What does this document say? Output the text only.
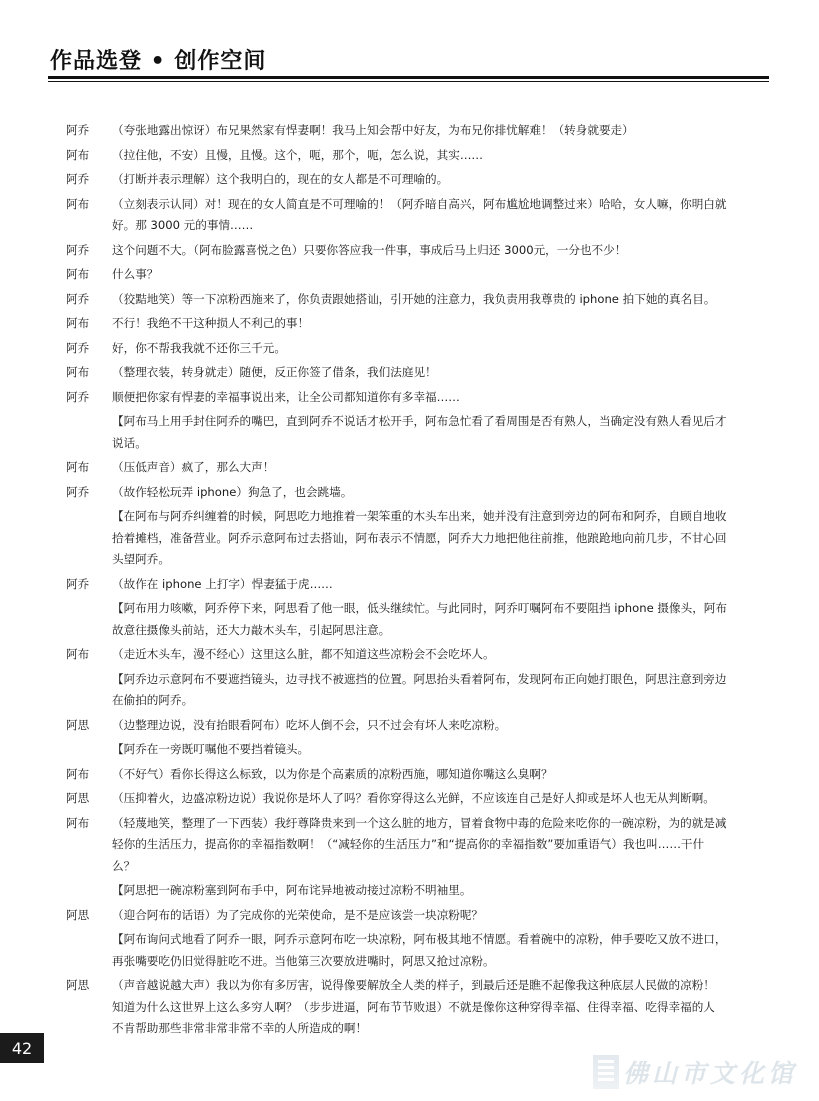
作品选登 • 创作空间
阿乔	（夸张地露出惊讶）布兄果然家有悍妻啊！我马上知会帮中好友，为布兄你排忧解难！（转身就要走）
阿布	（拉住他，不安）且慢，且慢。这个，呃，那个，呃，怎么说，其实……
阿乔	（打断并表示理解）这个我明白的，现在的女人都是不可理喻的。
阿布	（立刻表示认同）对！现在的女人简直是不可理喻的！（阿乔暗自高兴，阿布尴尬地调整过来）哈哈，女人嘛，你明白就
好。那 3000 元的事情……
阿乔	这个问题不大。（阿布脸露喜悦之色）只要你答应我一件事，事成后马上归还 3000元，一分也不少！
阿布	什么事？
阿乔	（狡黠地笑）等一下凉粉西施来了，你负责跟她搭讪，引开她的注意力，我负责用我尊贵的 iphone 拍下她的真名目。
阿布	不行！我绝不干这种损人不利己的事！
阿乔	好，你不帮我我就不还你三千元。
阿布	（整理衣装，转身就走）随便，反正你签了借条，我们法庭见！
阿乔	顺便把你家有悍妻的幸福事说出来，让全公司都知道你有多幸福……
【阿布马上用手封住阿乔的嘴巴，直到阿乔不说话才松开手，阿布急忙看了看周围是否有熟人，当确定没有熟人看见后才
说话。
阿布	（压低声音）疯了，那么大声！
阿乔	（故作轻松玩弄 iphone）狗急了，也会跳墙。
【在阿布与阿乔纠缠着的时候，阿思吃力地推着一架笨重的木头车出来，她并没有注意到旁边的阿布和阿乔，自顾自地收
拾着摊档，准备营业。阿乔示意阿布过去搭讪，阿布表示不情愿，阿乔大力地把他往前推，他踉跄地向前几步，不甘心回
头望阿乔。
阿乔	（故作在 iphone 上打字）悍妻猛于虎……
【阿布用力咳嗽，阿乔停下来，阿思看了他一眼，低头继续忙。与此同时，阿乔叮嘱阿布不要阻挡 iphone 摄像头，阿布
故意往摄像头前站，还大力敲木头车，引起阿思注意。
阿布	（走近木头车，漫不经心）这里这么脏，都不知道这些凉粉会不会吃坏人。
【阿乔边示意阿布不要遮挡镜头，边寻找不被遮挡的位置。阿思抬头看着阿布，发现阿布正向她打眼色，阿思注意到旁边
在偷拍的阿乔。
阿思	（边整理边说，没有抬眼看阿布）吃坏人倒不会，只不过会有坏人来吃凉粉。
【阿乔在一旁既叮嘱他不要挡着镜头。
阿布	（不好气）看你长得这么标致，以为你是个高素质的凉粉西施，哪知道你嘴这么臭啊？
阿思	（压抑着火，边盛凉粉边说）我说你是坏人了吗？看你穿得这么光鲜，不应该连自己是好人抑或是坏人也无从判断啊。
阿布	（轻蔑地笑，整理了一下西装）我纡尊降贵来到一个这么脏的地方，冒着食物中毒的危险来吃你的一碗凉粉，为的就是减
轻你的生活压力，提高你的幸福指数啊！（“减轻你的生活压力”和“提高你的幸福指数”要加重语气）我也叫……干什
么？
【阿思把一碗凉粉塞到阿布手中，阿布诧异地被动接过凉粉不明袖里。
阿思	（迎合阿布的话语）为了完成你的光荣使命，是不是应该尝一块凉粉呢？
【阿布询问式地看了阿乔一眼，阿乔示意阿布吃一块凉粉，阿布极其地不情愿。看着碗中的凉粉，伸手要吃又放不进口，
再张嘴要吃仍旧觉得脏吃不进。当他第三次要放进嘴时，阿思又抢过凉粉。
阿思	（声音越说越大声）我以为你有多厉害，说得像要解放全人类的样子，到最后还是瞧不起像我这种底层人民做的凉粉！
知道为什么这世界上这么多穷人啊？（步步进逼，阿布节节败退）不就是像你这种穿得幸福、住得幸福、吃得幸福的人
不肯帮助那些非常非常非常不幸的人所造成的啊！
42
佛山市文化馆
